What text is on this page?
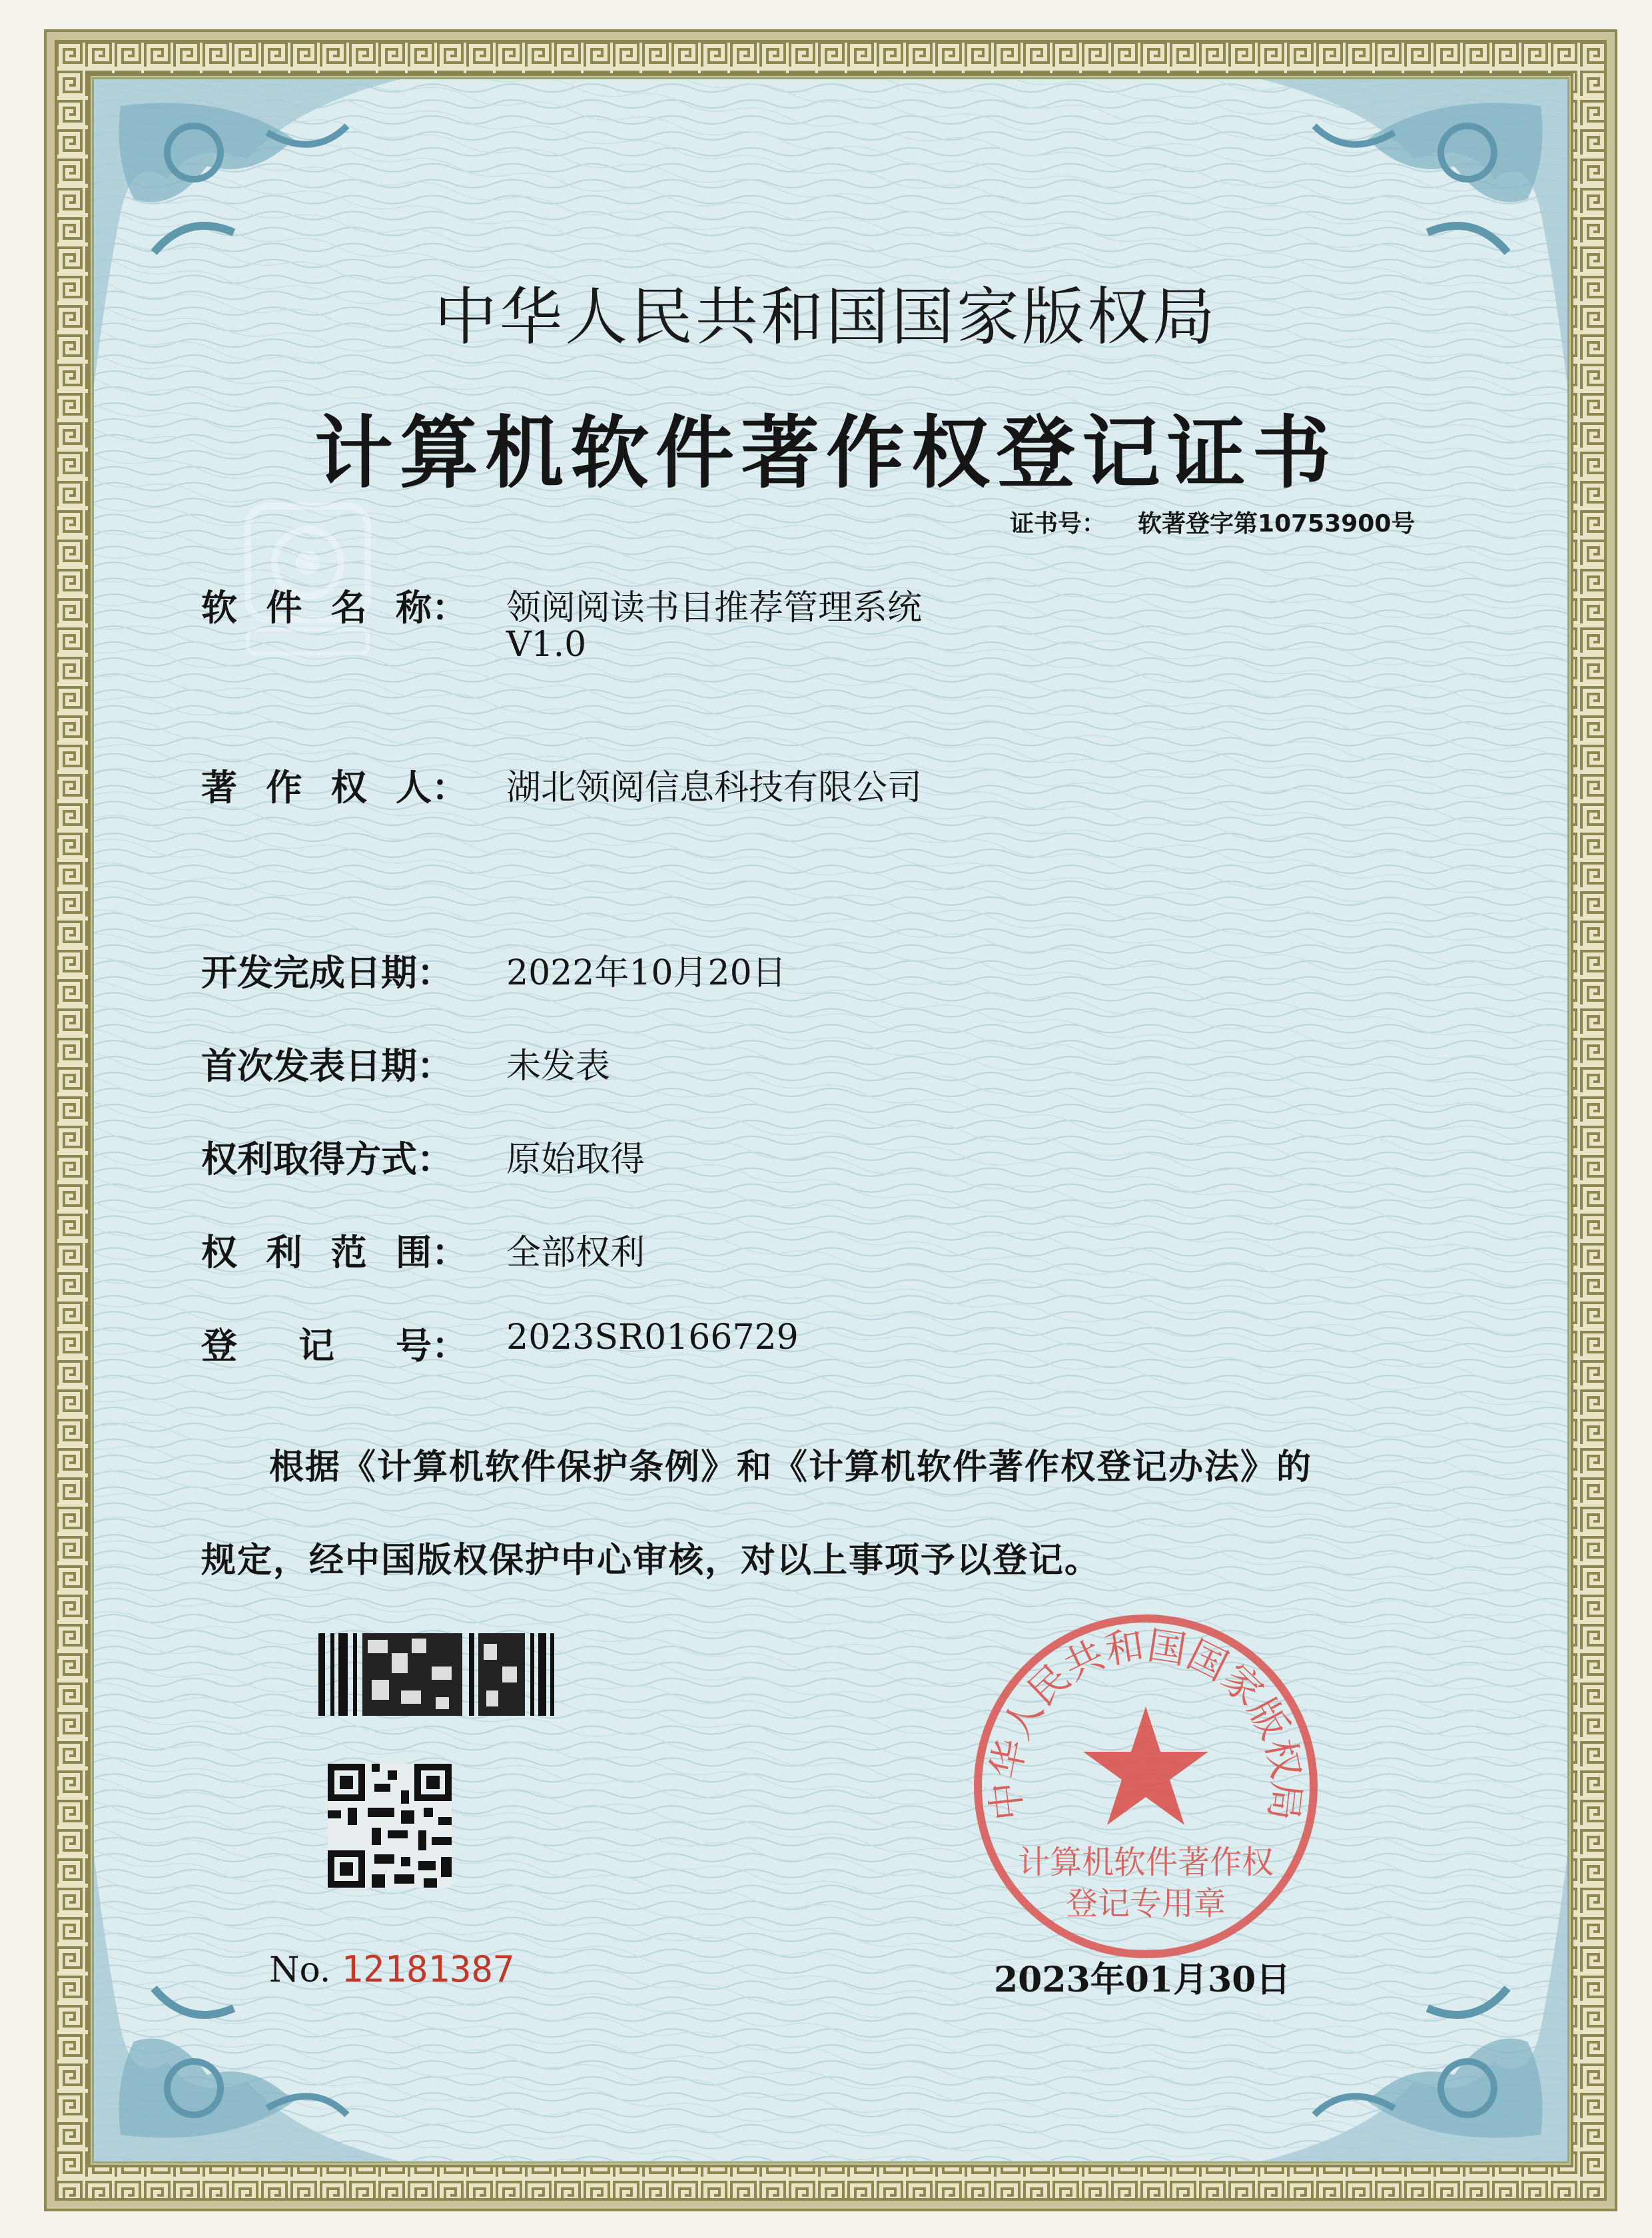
中华人民共和国国家版权局
计算机软件著作权登记证书
证书号： 软著登字第10753900号
软 件 名 称： 领阅阅读书目推荐管理系统
V1.0
著 作 权 人： 湖北领阅信息科技有限公司
开发完成日期： 2022年10月20日
首次发表日期： 未发表
权利取得方式： 原始取得
权 利 范 围： 全部权利
登 记 号： 2023SR0166729
根据《计算机软件保护条例》和《计算机软件著作权登记办法》的
规定，经中国版权保护中心审核，对以上事项予以登记。
No. 12181387
中华人民共和国国家版权局
计算机软件著作权
登记专用章
2023年01月30日
